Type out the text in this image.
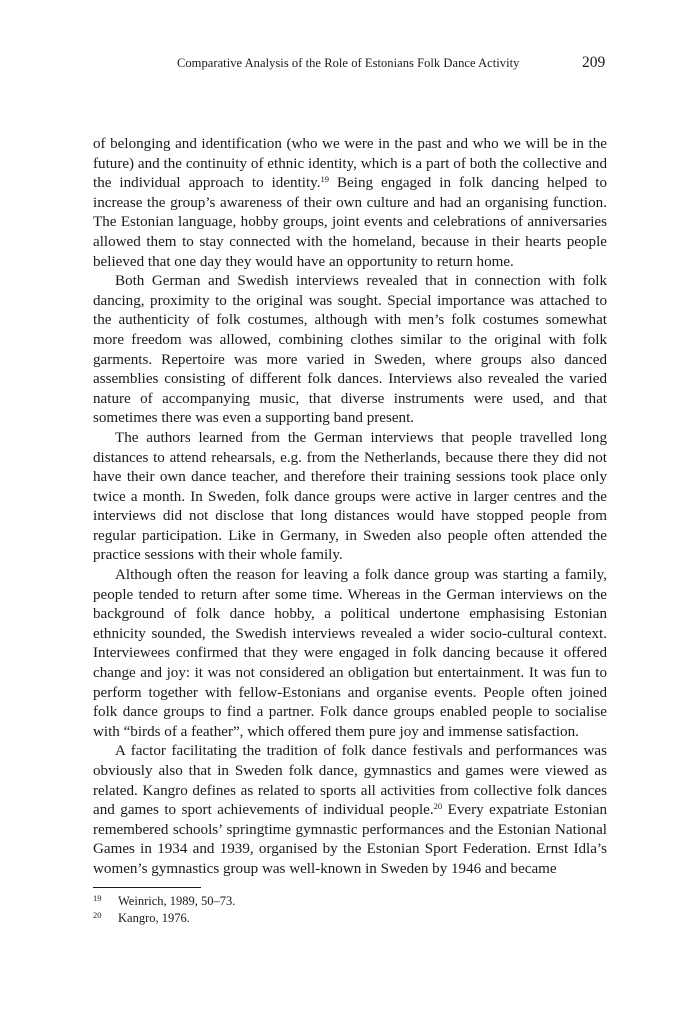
Comparative Analysis of the Role of Estonians Folk Dance Activity	209

of belonging and identification (who we were in the past and who we will be in the future) and the continuity of ethnic identity, which is a part of both the collective and the individual approach to identity.$^{19}$ Being engaged in folk dancing helped to increase the group’s awareness of their own culture and had an organising function. The Estonian language, hobby groups, joint events and celebrations of anniversaries allowed them to stay connected with the homeland, because in their hearts people believed that one day they would have an opportunity to return home.

Both German and Swedish interviews revealed that in connection with folk dancing, proximity to the original was sought. Special importance was attached to the authenticity of folk costumes, although with men’s folk costumes somewhat more freedom was allowed, combining clothes similar to the original with folk garments. Repertoire was more varied in Sweden, where groups also danced assemblies consisting of different folk dances. Interviews also revealed the varied nature of accompanying music, that diverse instruments were used, and that sometimes there was even a supporting band present.

The authors learned from the German interviews that people travelled long distances to attend rehearsals, e.g. from the Netherlands, because there they did not have their own dance teacher, and therefore their training sessions took place only twice a month. In Sweden, folk dance groups were active in larger centres and the interviews did not disclose that long distances would have stopped people from regular participation. Like in Germany, in Sweden also people often attended the practice sessions with their whole family.

Although often the reason for leaving a folk dance group was starting a family, people tended to return after some time. Whereas in the German interviews on the background of folk dance hobby, a political undertone emphasising Estonian ethnicity sounded, the Swedish interviews revealed a wider socio-cultural context. Interviewees confirmed that they were engaged in folk dancing because it offered change and joy: it was not considered an obligation but entertainment. It was fun to perform together with fellow-Estonians and organise events. People often joined folk dance groups to find a partner. Folk dance groups enabled people to socialise with “birds of a feather”, which offered them pure joy and immense satisfaction.

A factor facilitating the tradition of folk dance festivals and performances was obviously also that in Sweden folk dance, gymnastics and games were viewed as related. Kangro defines as related to sports all activities from collective folk dances and games to sport achievements of individual people.$^{20}$ Every expatriate Estonian remembered schools’ springtime gymnastic performances and the Estonian National Games in 1934 and 1939, organised by the Estonian Sport Federation. Ernst Idla’s women’s gymnastics group was well-known in Sweden by 1946 and became

19 Weinrich, 1989, 50–73.
20 Kangro, 1976.
